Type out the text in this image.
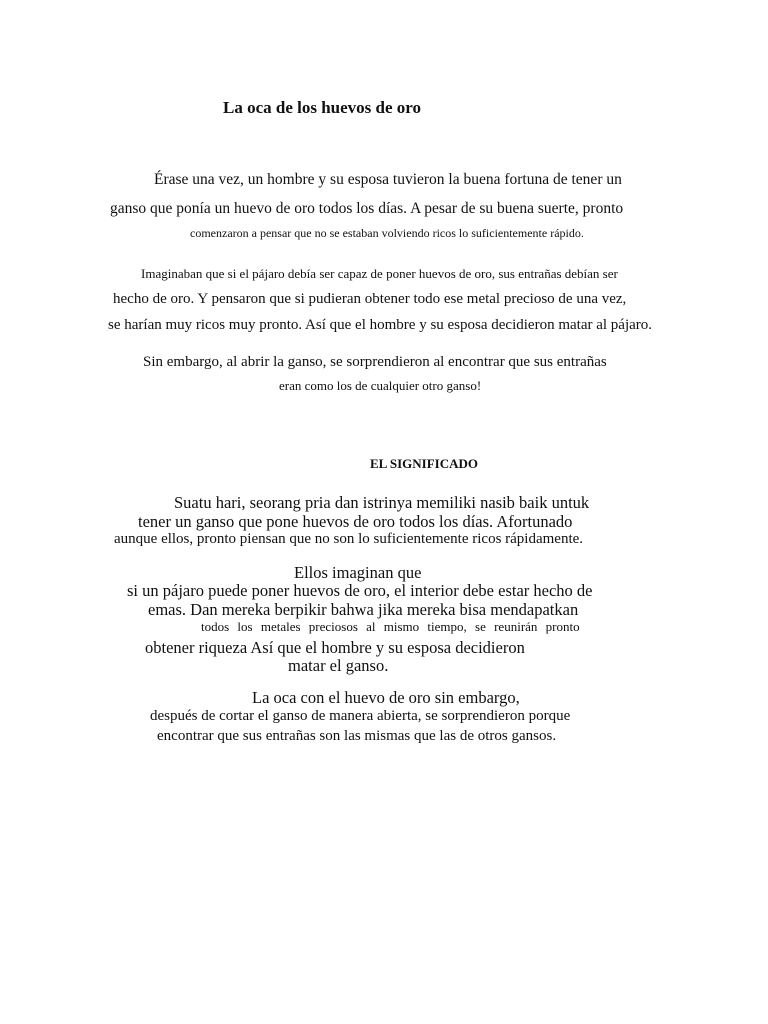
La oca de los huevos de oro
Érase una vez, un hombre y su esposa tuvieron la buena fortuna de tener un
ganso que ponía un huevo de oro todos los días. A pesar de su buena suerte, pronto
comenzaron a pensar que no se estaban volviendo ricos lo suficientemente rápido.
Imaginaban que si el pájaro debía ser capaz de poner huevos de oro, sus entrañas debían ser
hecho de oro. Y pensaron que si pudieran obtener todo ese metal precioso de una vez,
se harían muy ricos muy pronto. Así que el hombre y su esposa decidieron matar al pájaro.
Sin embargo, al abrir la ganso, se sorprendieron al encontrar que sus entrañas
eran como los de cualquier otro ganso!
EL SIGNIFICADO
Suatu hari, seorang pria dan istrinya memiliki nasib baik untuk
tener un ganso que pone huevos de oro todos los días. Afortunado
aunque ellos, pronto piensan que no son lo suficientemente ricos rápidamente.
Ellos imaginan que
si un pájaro puede poner huevos de oro, el interior debe estar hecho de
emas. Dan mereka berpikir bahwa jika mereka bisa mendapatkan
todos los metales preciosos al mismo tiempo, se reunirán pronto
obtener riqueza Así que el hombre y su esposa decidieron
matar el ganso.
La oca con el huevo de oro sin embargo,
después de cortar el ganso de manera abierta, se sorprendieron porque
encontrar que sus entrañas son las mismas que las de otros gansos.
